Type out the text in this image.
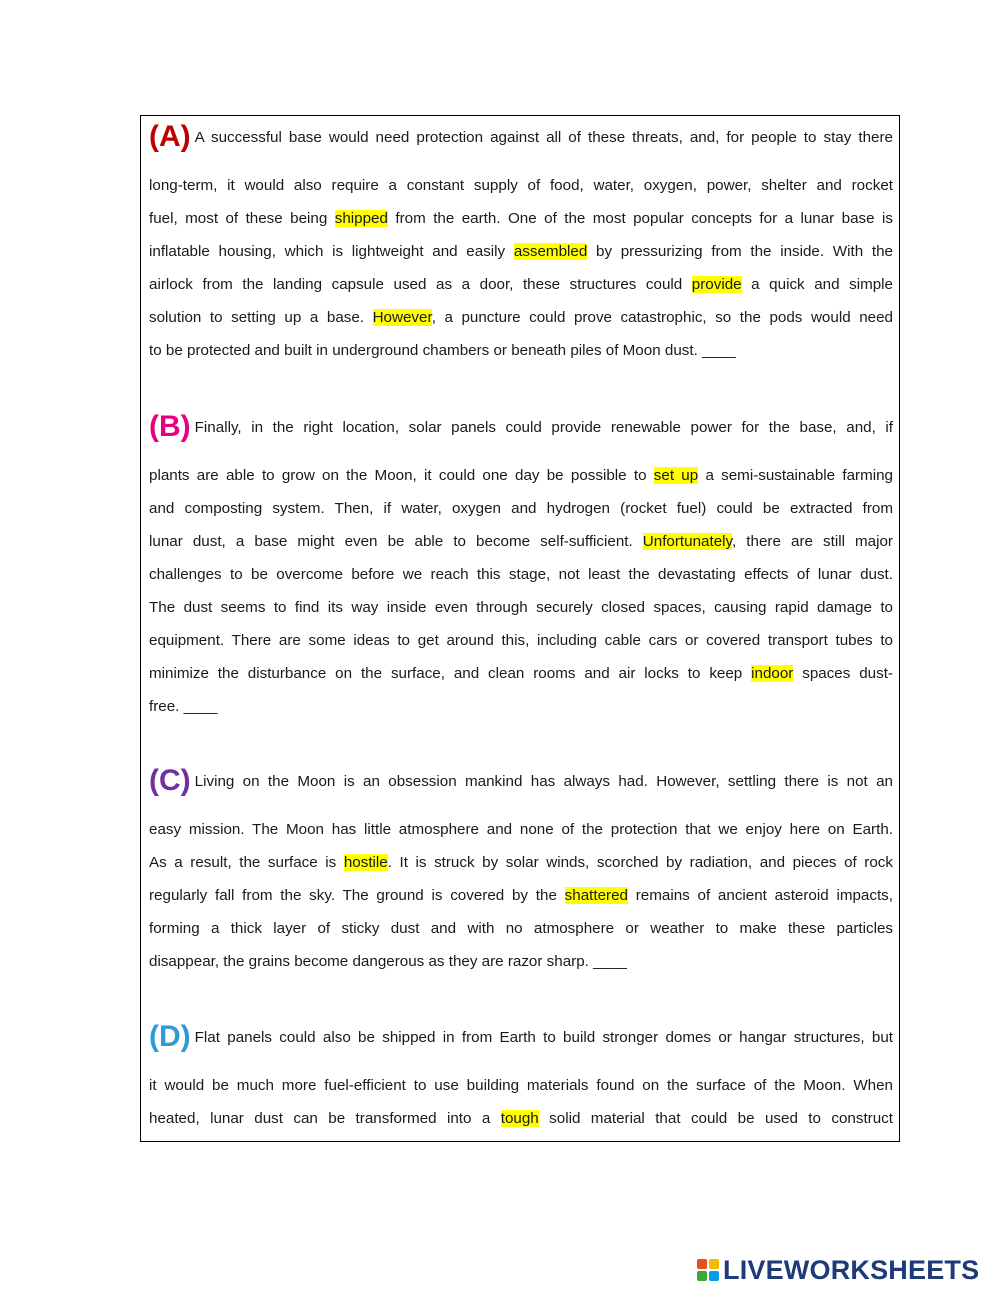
(A) A successful base would need protection against all of these threats, and, for people to stay there
long-term, it would also require a constant supply of food, water, oxygen, power, shelter and rocket
fuel, most of these being shipped from the earth. One of the most popular concepts for a lunar base is
inflatable housing, which is lightweight and easily assembled by pressurizing from the inside. With the
airlock from the landing capsule used as a door, these structures could provide a quick and simple
solution to setting up a base. However, a puncture could prove catastrophic, so the pods would need
to be protected and built in underground chambers or beneath piles of Moon dust. ____
(B) Finally, in the right location, solar panels could provide renewable power for the base, and, if
plants are able to grow on the Moon, it could one day be possible to set up a semi-sustainable farming
and composting system. Then, if water, oxygen and hydrogen (rocket fuel) could be extracted from
lunar dust, a base might even be able to become self-sufficient. Unfortunately, there are still major
challenges to be overcome before we reach this stage, not least the devastating effects of lunar dust.
The dust seems to find its way inside even through securely closed spaces, causing rapid damage to
equipment. There are some ideas to get around this, including cable cars or covered transport tubes to
minimize the disturbance on the surface, and clean rooms and air locks to keep indoor spaces dust-
free. ____
(C) Living on the Moon is an obsession mankind has always had. However, settling there is not an
easy mission. The Moon has little atmosphere and none of the protection that we enjoy here on Earth.
As a result, the surface is hostile. It is struck by solar winds, scorched by radiation, and pieces of rock
regularly fall from the sky. The ground is covered by the shattered remains of ancient asteroid impacts,
forming a thick layer of sticky dust and with no atmosphere or weather to make these particles
disappear, the grains become dangerous as they are razor sharp. ____
(D) Flat panels could also be shipped in from Earth to build stronger domes or hangar structures, but
it would be much more fuel-efficient to use building materials found on the surface of the Moon. When
heated, lunar dust can be transformed into a tough solid material that could be used to construct
LIVEWORKSHEETS
